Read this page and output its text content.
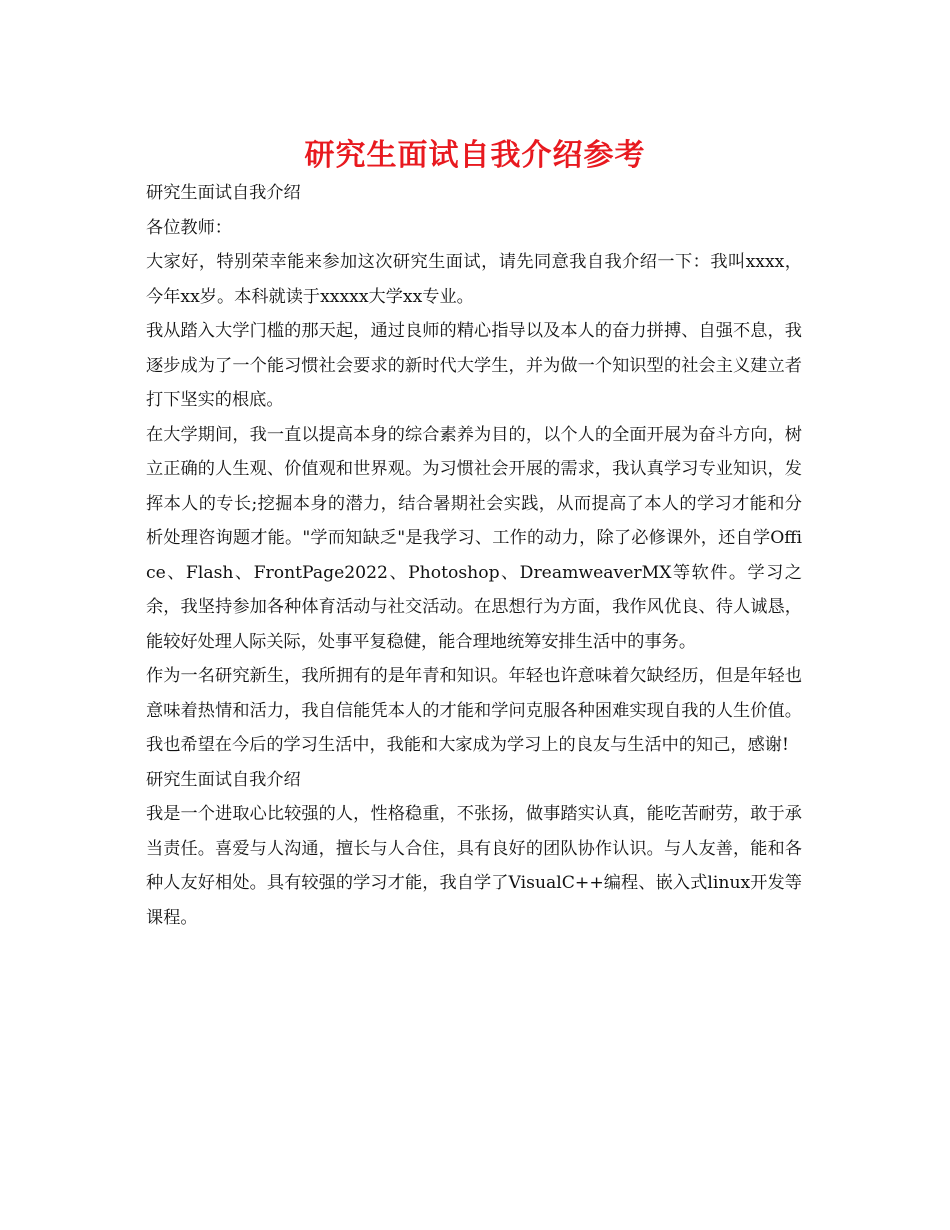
研究生面试自我介绍参考

研究生面试自我介绍

各位教师：

大家好，特别荣幸能来参加这次研究生面试，请先同意我自我介绍一下：我叫xxxx，今年xx岁。本科就读于xxxxx大学xx专业。

我从踏入大学门槛的那天起，通过良师的精心指导以及本人的奋力拼搏、自强不息，我逐步成为了一个能习惯社会要求的新时代大学生，并为做一个知识型的社会主义建立者打下坚实的根底。

在大学期间，我一直以提高本身的综合素养为目的，以个人的全面开展为奋斗方向，树立正确的人生观、价值观和世界观。为习惯社会开展的需求，我认真学习专业知识，发挥本人的专长;挖掘本身的潜力，结合暑期社会实践，从而提高了本人的学习才能和分析处理咨询题才能。"学而知缺乏"是我学习、工作的动力，除了必修课外，还自学Office、Flash、FrontPage2022、Photoshop、DreamweaverMX等软件。学习之余，我坚持参加各种体育活动与社交活动。在思想行为方面，我作风优良、待人诚恳，能较好处理人际关际，处事平复稳健，能合理地统筹安排生活中的事务。

作为一名研究新生，我所拥有的是年青和知识。年轻也许意味着欠缺经历，但是年轻也意味着热情和活力，我自信能凭本人的才能和学问克服各种困难实现自我的人生价值。我也希望在今后的学习生活中，我能和大家成为学习上的良友与生活中的知己，感谢!

研究生面试自我介绍

我是一个进取心比较强的人，性格稳重，不张扬，做事踏实认真，能吃苦耐劳，敢于承当责任。喜爱与人沟通，擅长与人合住，具有良好的团队协作认识。与人友善，能和各种人友好相处。具有较强的学习才能，我自学了VisualC++编程、嵌入式linux开发等课程。
